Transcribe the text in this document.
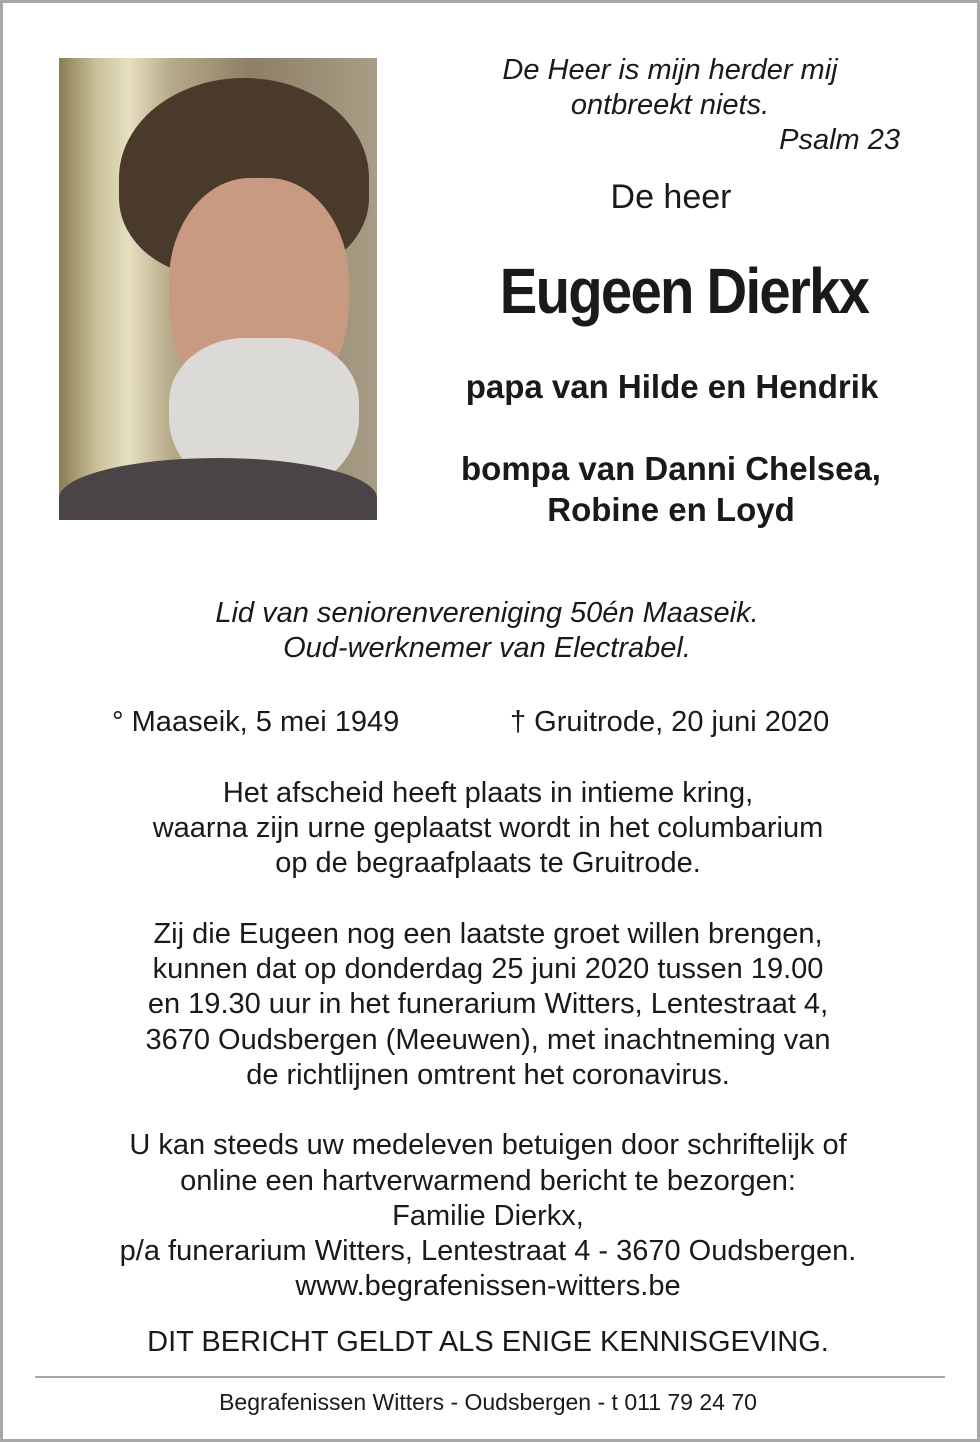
De Heer is mijn herder mij
ontbreekt niets.
Psalm 23
De heer
Eugeen Dierkx
papa van Hilde en Hendrik
bompa van Danni Chelsea,
Robine en Loyd
Lid van seniorenvereniging 50én Maaseik.
Oud-werknemer van Electrabel.
° Maaseik, 5 mei 1949	† Gruitrode, 20 juni 2020
Het afscheid heeft plaats in intieme kring,
waarna zijn urne geplaatst wordt in het columbarium
op de begraafplaats te Gruitrode.
Zij die Eugeen nog een laatste groet willen brengen,
kunnen dat op donderdag 25 juni 2020 tussen 19.00
en 19.30 uur in het funerarium Witters, Lentestraat 4,
3670 Oudsbergen (Meeuwen), met inachtneming van
de richtlijnen omtrent het coronavirus.
U kan steeds uw medeleven betuigen door schriftelijk of
online een hartverwarmend bericht te bezorgen:
Familie Dierkx,
p/a funerarium Witters, Lentestraat 4 - 3670 Oudsbergen.
www.begrafenissen-witters.be
DIT BERICHT GELDT ALS ENIGE KENNISGEVING.
Begrafenissen Witters - Oudsbergen - t 011 79 24 70
